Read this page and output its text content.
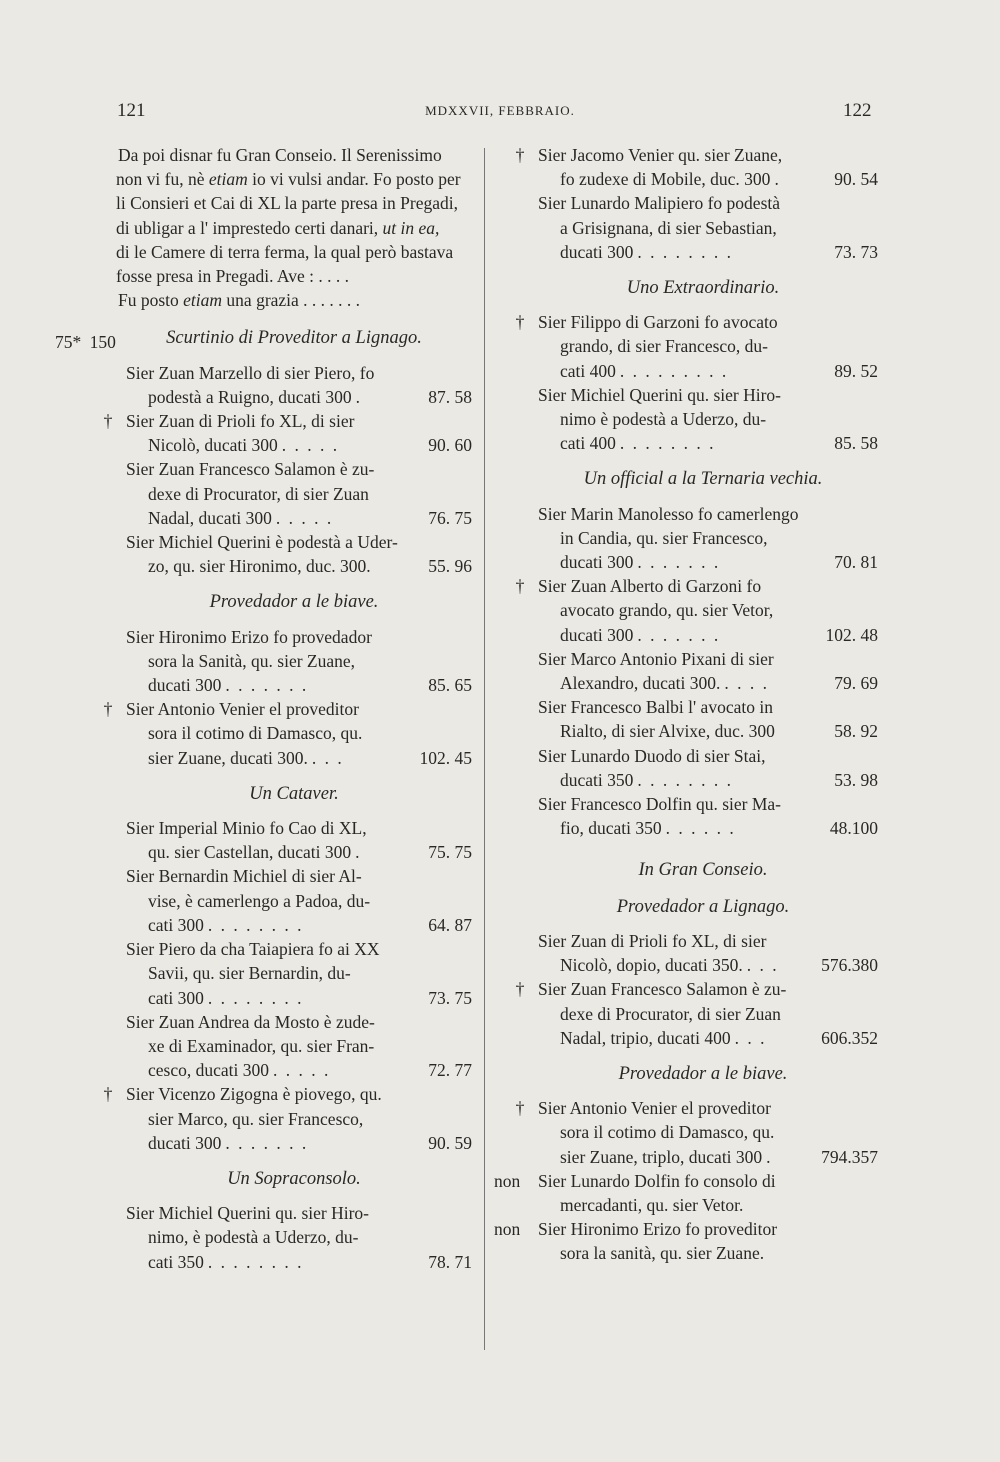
121	MDXXVII, FEBBRAIO.	122
75* 150
Da poi disnar fu Gran Conseio. Il Serenissimo
non vi fu, nè etiam io vi vulsi andar. Fo posto per
li Consieri et Cai di XL la parte presa in Pregadi,
di ubligar a l' imprestedo certi danari, ut in ea,
di le Camere di terra ferma, la qual però bastava
fosse presa in Pregadi. Ave : . . . .
Fu posto etiam una grazia . . . . . . .
Scurtinio di Proveditor a Lignago.
Sier Zuan Marzello di sier Piero, fo
podestà a Ruigno, ducati 300 .	87. 58
† Sier Zuan di Prioli fo XL, di sier
Nicolò, ducati 300 . . . . .	90. 60
Sier Zuan Francesco Salamon è zu-
dexe di Procurator, di sier Zuan
Nadal, ducati 300 . . . . .	76. 75
Sier Michiel Querini è podestà a Uder-
zo, qu. sier Hironimo, duc. 300.	55. 96
Provedador a le biave.
Sier Hironimo Erizo fo provedador
sora la Sanità, qu. sier Zuane,
ducati 300 . . . . . . .	85. 65
† Sier Antonio Venier el proveditor
sora il cotimo di Damasco, qu.
sier Zuane, ducati 300. . . .	102. 45
Un Cataver.
Sier Imperial Minio fo Cao di XL,
qu. sier Castellan, ducati 300 .	75. 75
Sier Bernardin Michiel di sier Al-
vise, è camerlengo a Padoa, du-
cati 300 . . . . . . . .	64. 87
Sier Piero da cha Taiapiera fo ai XX
Savii, qu. sier Bernardin, du-
cati 300 . . . . . . . .	73. 75
Sier Zuan Andrea da Mosto è zude-
xe di Examinador, qu. sier Fran-
cesco, ducati 300 . . . . .	72. 77
† Sier Vicenzo Zigogna è piovego, qu.
sier Marco, qu. sier Francesco,
ducati 300 . . . . . . .	90. 59
Un Sopraconsolo.
Sier Michiel Querini qu. sier Hiro-
nimo, è podestà a Uderzo, du-
cati 350 . . . . . . . .	78. 71
† Sier Jacomo Venier qu. sier Zuane,
fo zudexe di Mobile, duc. 300 .	90. 54
Sier Lunardo Malipiero fo podestà
a Grisignana, di sier Sebastian,
ducati 300 . . . . . . . .	73. 73
Uno Extraordinario.
† Sier Filippo di Garzoni fo avocato
grando, di sier Francesco, du-
cati 400 . . . . . . . . .	89. 52
Sier Michiel Querini qu. sier Hiro-
nimo è podestà a Uderzo, du-
cati 400 . . . . . . . .	85. 58
Un official a la Ternaria vechia.
Sier Marin Manolesso fo camerlengo
in Candia, qu. sier Francesco,
ducati 300 . . . . . . .	70. 81
† Sier Zuan Alberto di Garzoni fo
avocato grando, qu. sier Vetor,
ducati 300 . . . . . . .	102. 48
Sier Marco Antonio Pixani di sier
Alexandro, ducati 300. . . . .	79. 69
Sier Francesco Balbi l' avocato in
Rialto, di sier Alvixe, duc. 300	58. 92
Sier Lunardo Duodo di sier Stai,
ducati 350 . . . . . . . .	53. 98
Sier Francesco Dolfin qu. sier Ma-
fio, ducati 350 . . . . . .	48.100
In Gran Conseio.
Provedador a Lignago.
Sier Zuan di Prioli fo XL, di sier
Nicolò, dopio, ducati 350. . . .	576.380
† Sier Zuan Francesco Salamon è zu-
dexe di Procurator, di sier Zuan
Nadal, tripio, ducati 400 . . .	606.352
Provedador a le biave.
† Sier Antonio Venier el proveditor
sora il cotimo di Damasco, qu.
sier Zuane, triplo, ducati 300 .	794.357
non	Sier Lunardo Dolfin fo consolo di
mercadanti, qu. sier Vetor.
non	Sier Hironimo Erizo fo proveditor
sora la sanità, qu. sier Zuane.
